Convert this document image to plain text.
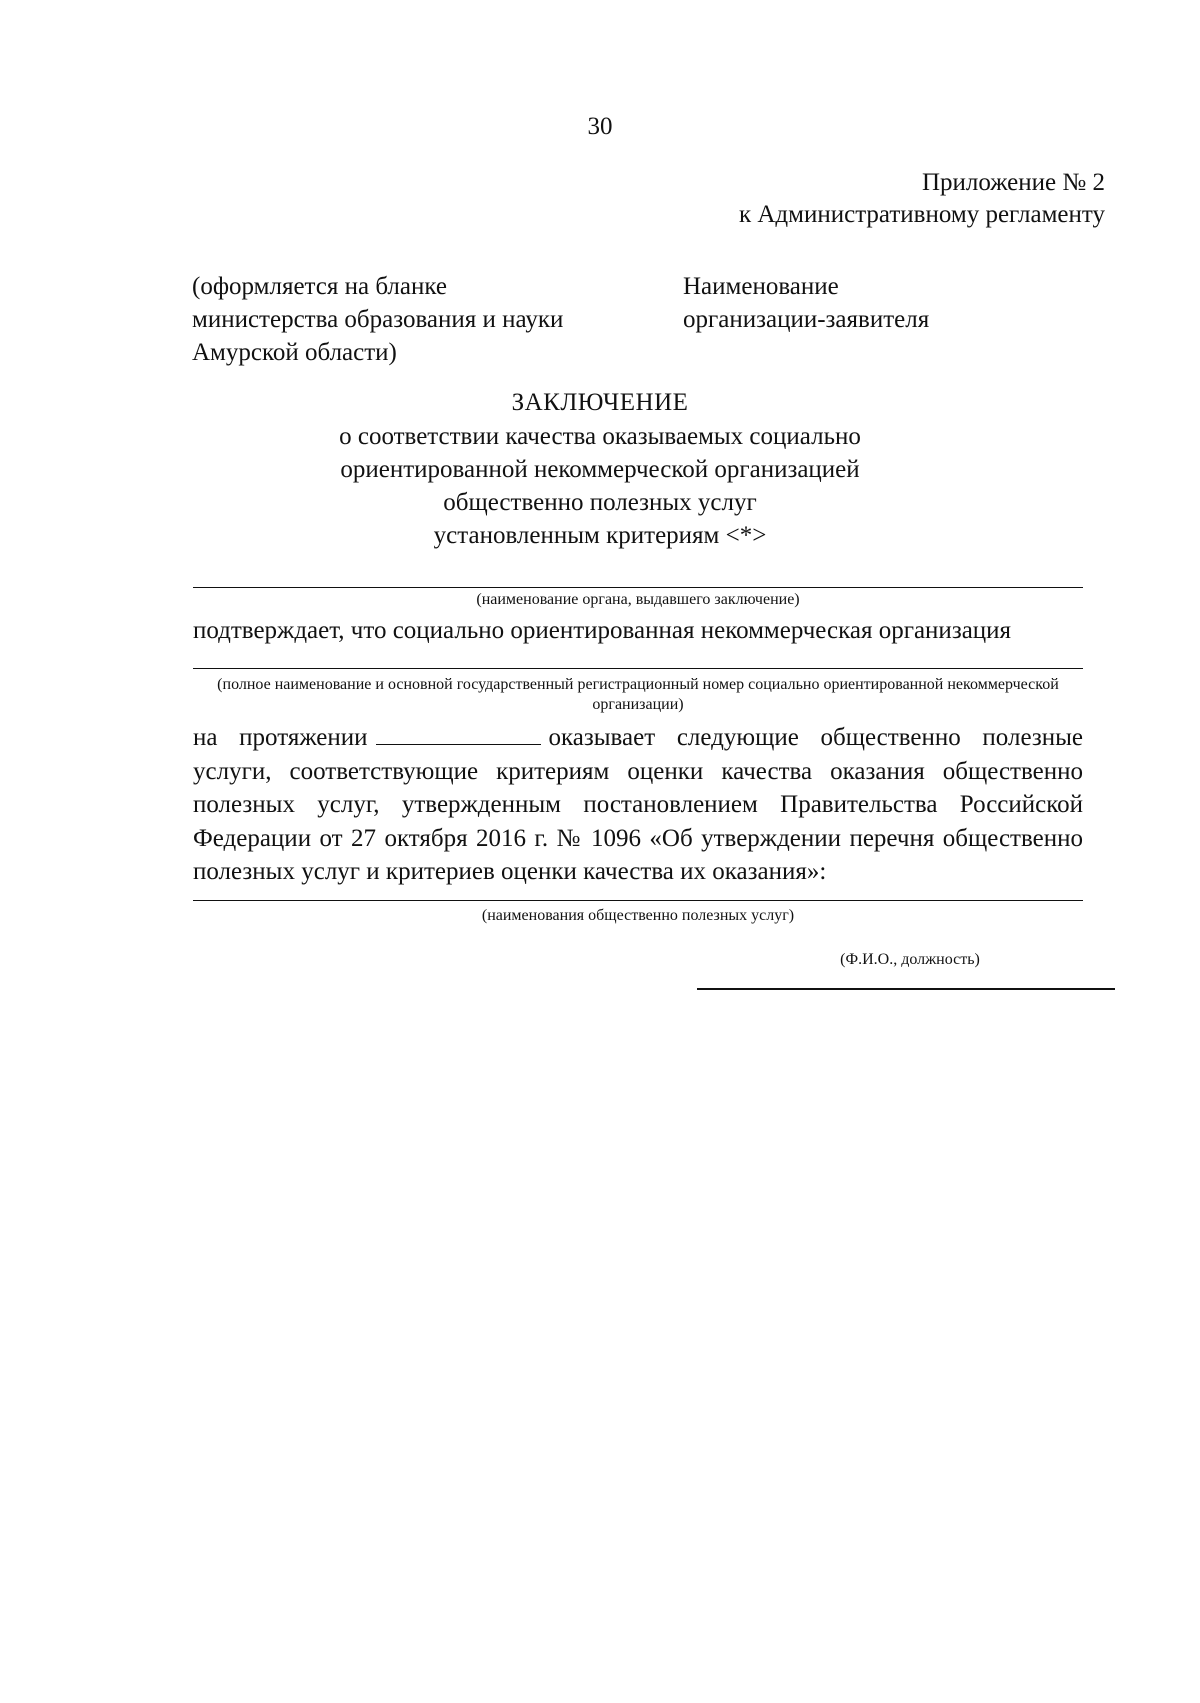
30
Приложение № 2
к Административному регламенту
(оформляется на бланке
министерства образования и науки
Амурской области)
Наименование
организации-заявителя
ЗАКЛЮЧЕНИЕ
о соответствии качества оказываемых социально
ориентированной некоммерческой организацией
общественно полезных услуг
установленным критериям <*>
(наименование органа, выдавшего заключение)
подтверждает, что социально ориентированная некоммерческая организация
(полное наименование и основной государственный регистрационный номер социально ориентированной некоммерческой организации)
на протяжении	оказывает следующие общественно полезные услуги, соответствующие критериям оценки качества оказания общественно полезных услуг, утвержденным постановлением Правительства Российской Федерации от 27 октября 2016 г. № 1096 «Об утверждении перечня общественно полезных услуг и критериев оценки качества их оказания»:
(наименования общественно полезных услуг)
(Ф.И.О., должность)
